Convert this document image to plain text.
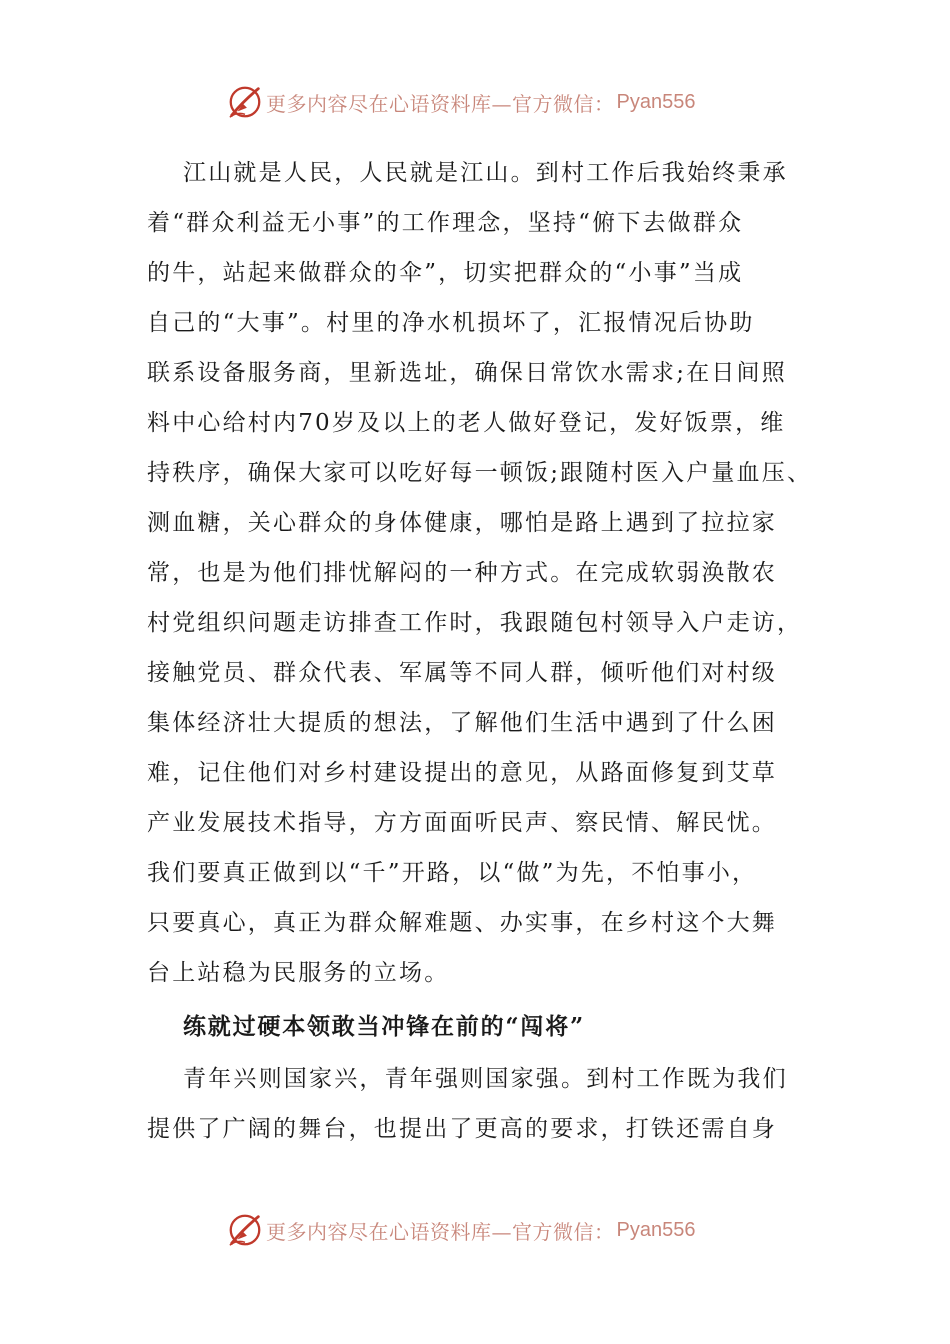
更多内容尽在心语资料库—官方微信： Pyan556
江山就是人民，人民就是江山。到村工作后我始终秉承
着“群众利益无小事”的工作理念，坚持“俯下去做群众
的牛，站起来做群众的伞”，切实把群众的“小事”当成
自己的“大事”。村里的净水机损坏了，汇报情况后协助
联系设备服务商，里新选址，确保日常饮水需求;在日间照
料中心给村内70岁及以上的老人做好登记，发好饭票，维
持秩序，确保大家可以吃好每一顿饭;跟随村医入户量血压、
测血糖，关心群众的身体健康，哪怕是路上遇到了拉拉家
常，也是为他们排忧解闷的一种方式。在完成软弱涣散农
村党组织问题走访排查工作时，我跟随包村领导入户走访，
接触党员、群众代表、军属等不同人群，倾听他们对村级
集体经济壮大提质的想法，了解他们生活中遇到了什么困
难，记住他们对乡村建设提出的意见，从路面修复到艾草
产业发展技术指导，方方面面听民声、察民情、解民忧。
我们要真正做到以“千”开路，以“做”为先，不怕事小，
只要真心，真正为群众解难题、办实事，在乡村这个大舞
台上站稳为民服务的立场。
练就过硬本领敢当冲锋在前的“闯将”
青年兴则国家兴，青年强则国家强。到村工作既为我们
提供了广阔的舞台，也提出了更高的要求，打铁还需自身
更多内容尽在心语资料库—官方微信： Pyan556
